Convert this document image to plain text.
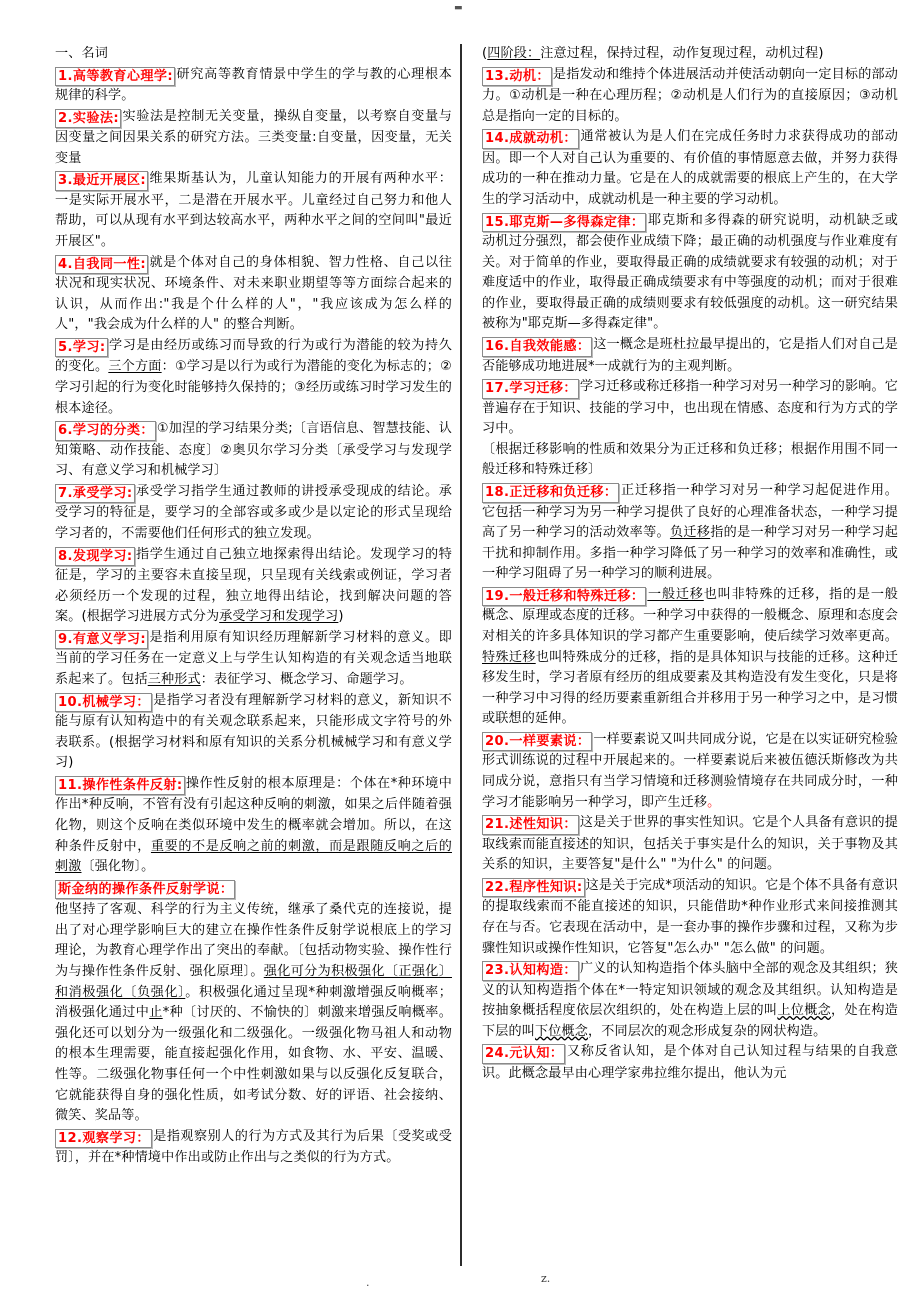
▬

一、名词

1.高等教育心理学: 研究高等教育情景中学生的学与教的心理根本规律的科学。

2.实验法: 实验法是控制无关变量，操纵自变量，以考察自变量与因变量之间因果关系的研究方法。三类变量:自变量，因变量，无关变量

3.最近开展区: 维果斯基认为，儿童认知能力的开展有两种水平：一是实际开展水平，二是潜在开展水平。儿童经过自己努力和他人帮助，可以从现有水平到达较高水平，两种水平之间的空间叫"最近开展区"。

4.自我同一性: 就是个体对自己的身体相貌、智力性格、自己以往状况和现实状况、环境条件、对未来职业期望等等方面综合起来的认识，从而作出:"我是个什么样的人"，"我应该成为怎么样的人"，"我会成为什么样的人" 的整合判断。

5.学习: 学习是由经历或练习而导致的行为或行为潜能的较为持久的变化。三个方面：①学习是以行为或行为潜能的变化为标志的；②学习引起的行为变化时能够持久保持的；③经历或练习时学习发生的根本途径。

6.学习的分类： ①加涅的学习结果分类;〔言语信息、智慧技能、认知策略、动作技能、态度〕②奥贝尔学习分类〔承受学习与发现学习、有意义学习和机械学习〕

7.承受学习: 承受学习指学生通过教师的讲授承受现成的结论。承受学习的特征是，要学习的全部容或多或少是以定论的形式呈现给学习者的，不需要他们任何形式的独立发现。

8.发现学习: 指学生通过自己独立地探索得出结论。发现学习的特征是，学习的主要容未直接呈现，只呈现有关线索或例证，学习者必须经历一个发现的过程，独立地得出结论，找到解决问题的答案。(根据学习进展方式分为承受学习和发现学习)

9.有意义学习: 是指利用原有知识经历理解新学习材料的意义。即当前的学习任务在一定意义上与学生认知构造的有关观念适当地联系起来了。包括三种形式：表征学习、概念学习、命题学习。

10.机械学习： 是指学习者没有理解新学习材料的意义，新知识不能与原有认知构造中的有关观念联系起来，只能形成文字符号的外表联系。(根据学习材料和原有知识的关系分机械械学习和有意义学习)

11.操作性条件反射: 操作性反射的根本原理是：个体在*种环境中作出*种反响，不管有没有引起这种反响的刺激，如果之后伴随着强化物，则这个反响在类似环境中发生的概率就会增加。所以，在这种条件反射中，重要的不是反响之前的刺激，而是跟随反响之后的刺激〔强化物〕。

斯金纳的操作条件反射学说：

他坚持了客观、科学的行为主义传统，继承了桑代克的连接说，提出了对心理学影响巨大的建立在操作性条件反射学说根底上的学习理论，为教育心理学作出了突出的奉献。〔包括动物实验、操作性行为与操作性条件反射、强化原理〕。强化可分为积极强化〔正强化〕和消极强化〔负强化〕。积极强化通过呈现*种刺激增强反响概率；消极强化通过中止*种〔讨厌的、不愉快的〕刺激来增强反响概率。强化还可以划分为一级强化和二级强化。一级强化物马祖人和动物的根本生理需要，能直接起强化作用，如食物、水、平安、温暖、性等。二级强化物事任何一个中性刺激如果与以反强化反复联合，它就能获得自身的强化性质，如考试分数、好的评语、社会接纳、微笑、奖品等。

12.观察学习： 是指观察别人的行为方式及其行为后果〔受奖或受罚〕，并在*种情境中作出或防止作出与之类似的行为方式。

(四阶段：注意过程，保持过程，动作复现过程，动机过程)

13.动机： 是指发动和维持个体进展活动并使活动朝向一定目标的部动力。①动机是一种在心理历程；②动机是人们行为的直接原因；③动机总是指向一定的目标的。

14.成就动机： 通常被认为是人们在完成任务时力求获得成功的部动因。即一个人对自己认为重要的、有价值的事情愿意去做，并努力获得成功的一种在推动力量。它是在人的成就需要的根底上产生的，在大学生的学习活动中，成就动机是一种主要的学习动机。

15.耶克斯—多得森定律： 耶克斯和多得森的研究说明，动机缺乏或动机过分强烈，都会使作业成绩下降；最正确的动机强度与作业难度有关。对于简单的作业，要取得最正确的成绩就要求有较强的动机；对于难度适中的作业，取得最正确成绩要求有中等强度的动机；而对于很难的作业，要取得最正确的成绩则要求有较低强度的动机。这一研究结果被称为"耶克斯—多得森定律"。

16.自我效能感： 这一概念是班杜拉最早提出的，它是指人们对自己是否能够成功地进展*一成就行为的主观判断。

17.学习迁移： 学习迁移或称迁移指一种学习对另一种学习的影响。它普遍存在于知识、技能的学习中，也出现在情感、态度和行为方式的学习中。

〔根据迁移影响的性质和效果分为正迁移和负迁移；根据作用围不同一般迁移和特殊迁移〕

18.正迁移和负迁移： 正迁移指一种学习对另一种学习起促进作用。它包括一种学习为另一种学习提供了良好的心理准备状态，一种学习提高了另一种学习的活动效率等。负迁移指的是一种学习对另一种学习起干扰和抑制作用。多指一种学习降低了另一种学习的效率和准确性，或一种学习阻碍了另一种学习的顺利进展。

19.一般迁移和特殊迁移： 一般迁移也叫非特殊的迁移，指的是一般概念、原理或态度的迁移。一种学习中获得的一般概念、原理和态度会对相关的许多具体知识的学习都产生重要影响，使后续学习效率更高。特殊迁移也叫特殊成分的迁移，指的是具体知识与技能的迁移。这种迁移发生时，学习者原有经历的组成要素及其构造没有发生变化，只是将一种学习中习得的经历要素重新组合并移用于另一种学习之中，是习惯或联想的延伸。

20.一样要素说： 一样要素说又叫共同成分说，它是在以实证研究检验形式训练说的过程中开展起来的。一样要素说后来被伍德沃斯修改为共同成分说，意指只有当学习情境和迁移测验情境存在共同成分时，一种学习才能影响另一种学习，即产生迁移。

21.述性知识： 这是关于世界的事实性知识。它是个人具备有意识的提取线索而能直接述的知识，包括关于事实是什么的知识，关于事物及其关系的知识，主要答复"是什么" "为什么" 的问题。

22.程序性知识: 这是关于完成*项活动的知识。它是个体不具备有意识的提取线索而不能直接述的知识，只能借助*种作业形式来间接推测其存在与否。它表现在活动中，是一套办事的操作步骤和过程，又称为步骤性知识或操作性知识，它答复"怎么办" "怎么做" 的问题。

23.认知构造： 广义的认知构造指个体头脑中全部的观念及其组织；狭义的认知构造指个体在*一特定知识领域的观念及其组织。认知构造是按抽象概括程度依层次组织的，处在构造上层的叫上位概念，处在构造下层的叫下位概念，不同层次的观念形成复杂的网状构造。

24.元认知： 又称反省认知，是个体对自己认知过程与结果的自我意识。此概念最早由心理学家弗拉维尔提出，他认为元

.	z.
